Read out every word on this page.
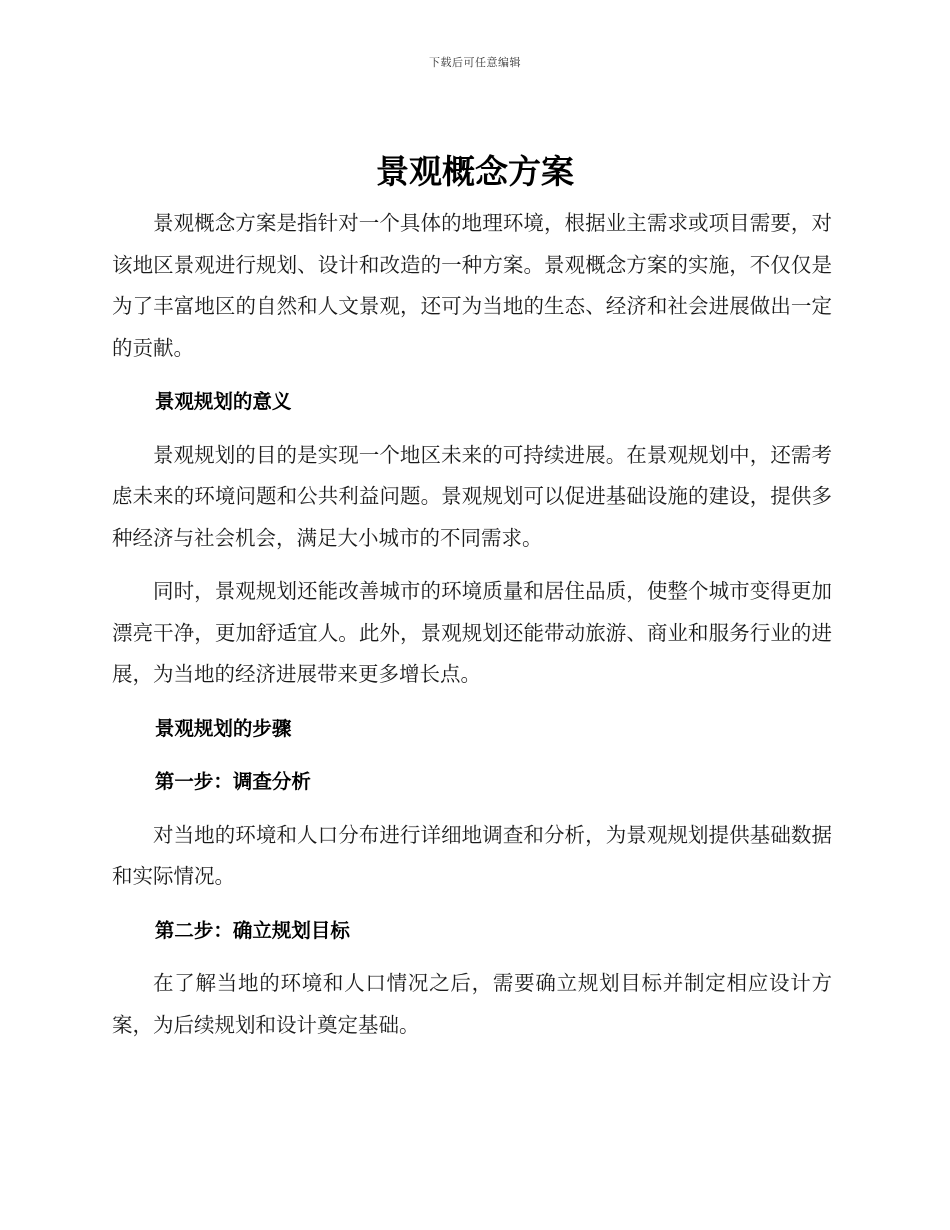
下载后可任意编辑
景观概念方案

景观概念方案是指针对一个具体的地理环境，根据业主需求或项目需要，对该地区景观进行规划、设计和改造的一种方案。景观概念方案的实施，不仅仅是为了丰富地区的自然和人文景观，还可为当地的生态、经济和社会进展做出一定的贡献。

景观规划的意义

景观规划的目的是实现一个地区未来的可持续进展。在景观规划中，还需考虑未来的环境问题和公共利益问题。景观规划可以促进基础设施的建设，提供多种经济与社会机会，满足大小城市的不同需求。

同时，景观规划还能改善城市的环境质量和居住品质，使整个城市变得更加漂亮干净，更加舒适宜人。此外，景观规划还能带动旅游、商业和服务行业的进展，为当地的经济进展带来更多增长点。

景观规划的步骤

第一步：调查分析

对当地的环境和人口分布进行详细地调查和分析，为景观规划提供基础数据和实际情况。

第二步：确立规划目标

在了解当地的环境和人口情况之后，需要确立规划目标并制定相应设计方案，为后续规划和设计奠定基础。
